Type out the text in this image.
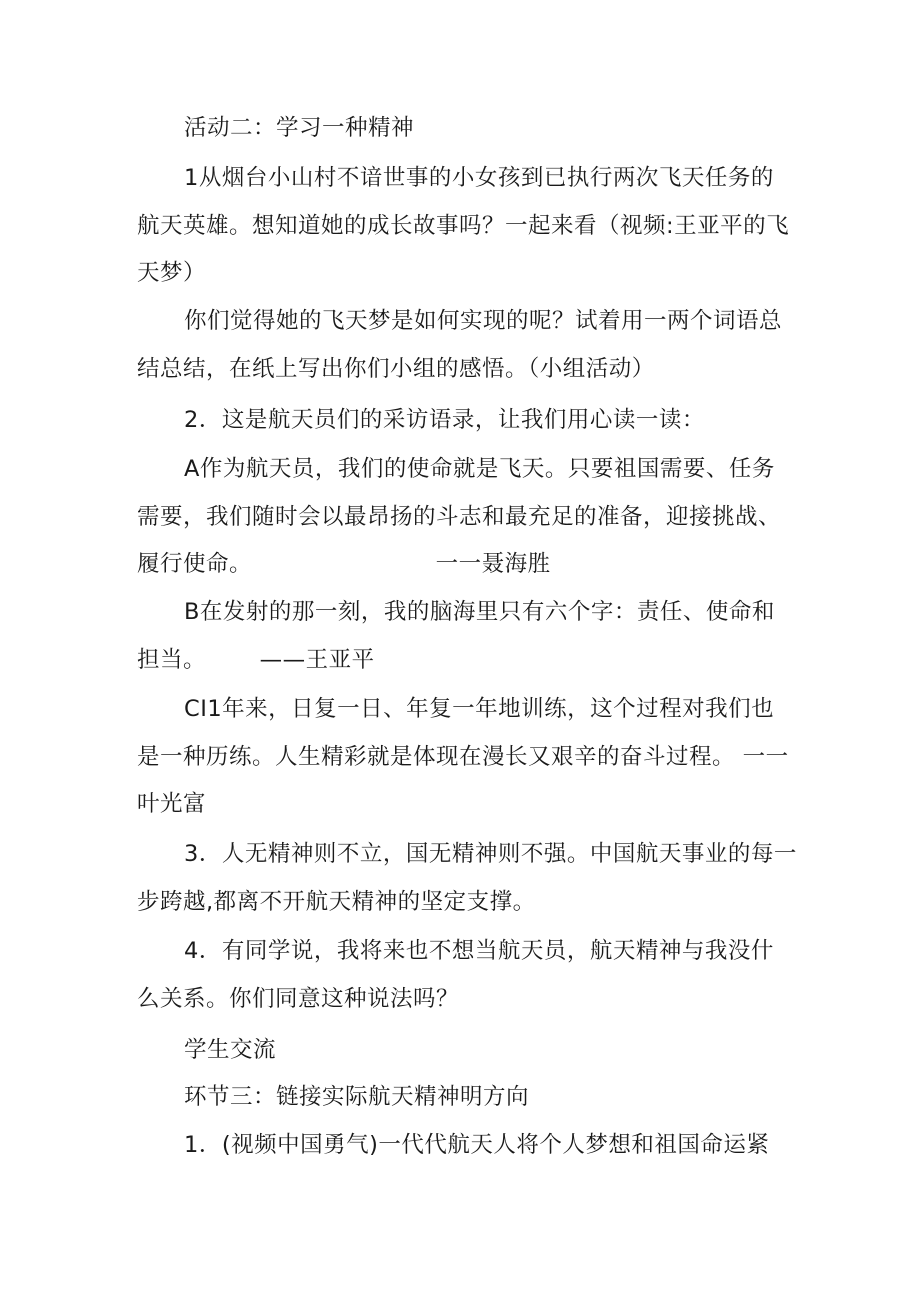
活动二：学习一种精神
1从烟台小山村不谙世事的小女孩到已执行两次飞天任务的
航天英雄。想知道她的成长故事吗？一起来看（视频:王亚平的飞
天梦）
你们觉得她的飞天梦是如何实现的呢？试着用一两个词语总
结总结，在纸上写出你们小组的感悟。（小组活动）
2．这是航天员们的采访语录，让我们用心读一读：
A作为航天员，我们的使命就是飞天。只要祖国需要、任务
需要，我们随时会以最昂扬的斗志和最充足的准备，迎接挑战、
履行使命。                        一一聂海胜
B在发射的那一刻，我的脑海里只有六个字：责任、使命和
担当。       ——王亚平
CI1年来，日复一日、年复一年地训练，这个过程对我们也
是一种历练。人生精彩就是体现在漫长又艰辛的奋斗过程。 一一
叶光富
3．人无精神则不立，国无精神则不强。中国航天事业的每一
步跨越,都离不开航天精神的坚定支撑。
4．有同学说，我将来也不想当航天员，航天精神与我没什
么关系。你们同意这种说法吗？
学生交流
环节三：链接实际航天精神明方向
1．(视频中国勇气)一代代航天人将个人梦想和祖国命运紧
